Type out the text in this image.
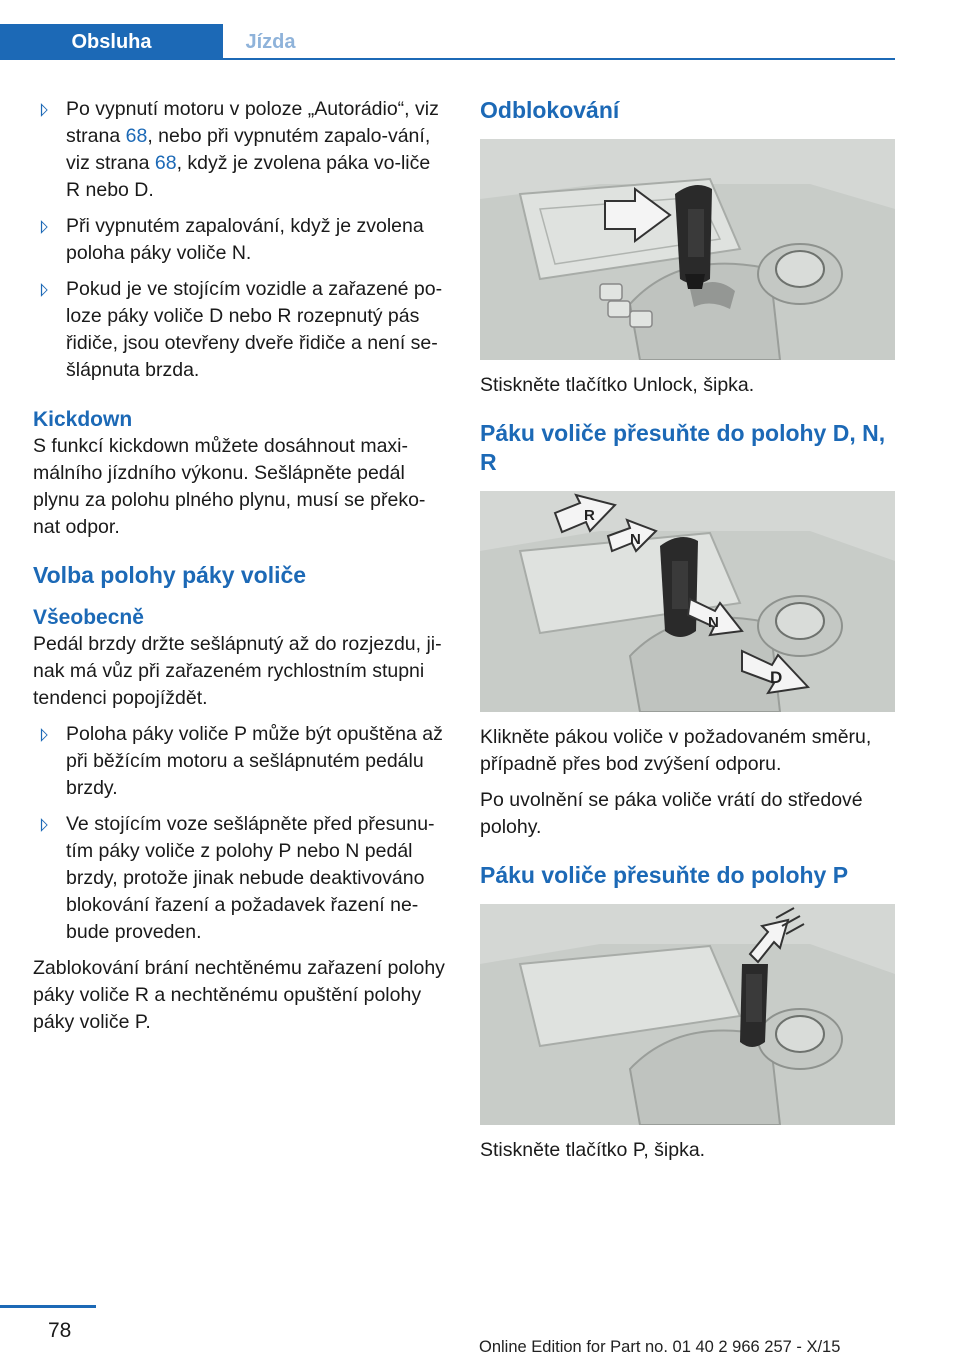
Obsluha	Jízda
Po vypnutí motoru v poloze „Autorádio“, viz strana 68, nebo při vypnutém zapalo-vání, viz strana 68, když je zvolena páka vo-liče R nebo D.
Při vypnutém zapalování, když je zvolena poloha páky voliče N.
Pokud je ve stojícím vozidle a zařazené po-loze páky voliče D nebo R rozepnutý pás řidiče, jsou otevřeny dveře řidiče a není se-šlápnuta brzda.
Kickdown
S funkcí kickdown můžete dosáhnout maxi-málního jízdního výkonu. Sešlápněte pedál plynu za polohu plného plynu, musí se překo-nat odpor.
Volba polohy páky voliče
Všeobecně
Pedál brzdy držte sešlápnutý až do rozjezdu, ji-nak má vůz při zařazeném rychlostním stupni tendenci popojíždět.
Poloha páky voliče P může být opuštěna až při běžícím motoru a sešlápnutém pedálu brzdy.
Ve stojícím voze sešlápněte před přesunu-tím páky voliče z polohy P nebo N pedál brzdy, protože jinak nebude deaktivováno blokování řazení a požadavek řazení ne-bude proveden.
Zablokování brání nechtěnému zařazení polohy páky voliče R a nechtěnému opuštění polohy páky voliče P.
Odblokování
Stiskněte tlačítko Unlock, šipka.
Páku voliče přesuňte do polohy D, N, R
R
N
N
D
Klikněte pákou voliče v požadovaném směru, případně přes bod zvýšení odporu.
Po uvolnění se páka voliče vrátí do středové polohy.
Páku voliče přesuňte do polohy P
Stiskněte tlačítko P, šipka.
78
Online Edition for Part no. 01 40 2 966 257 - X/15
